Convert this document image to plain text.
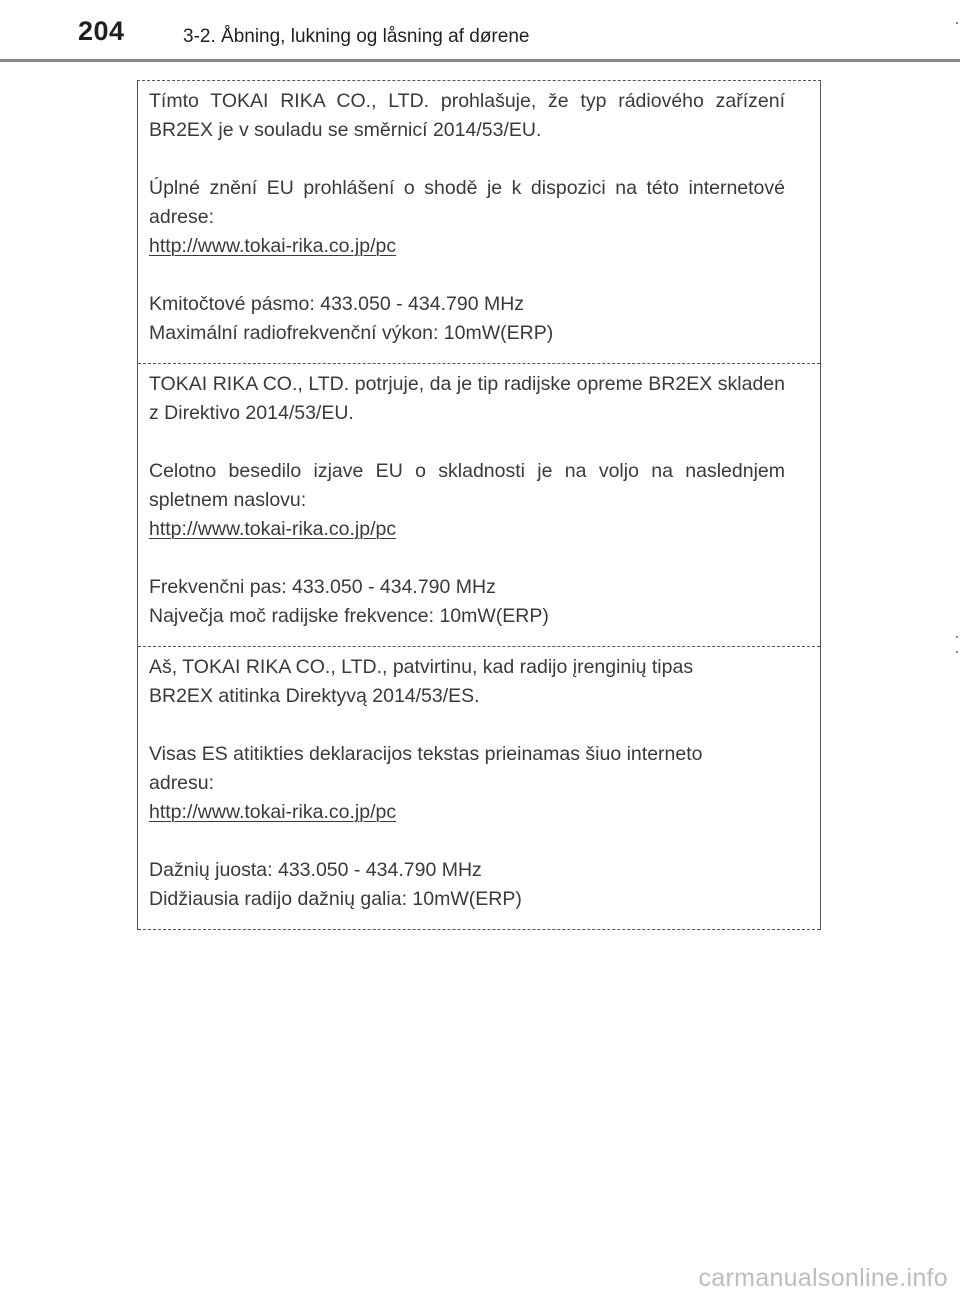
204	3-2. Åbning, lukning og låsning af dørene

Tímto TOKAI RIKA CO., LTD. prohlašuje, že typ rádiového zařízení BR2EX je v souladu se směrnicí 2014/53/EU.

Úplné znění EU prohlášení o shodě je k dispozici na této internetové adrese:
http://www.tokai-rika.co.jp/pc

Kmitočtové pásmo: 433.050 - 434.790 MHz
Maximální radiofrekvenční výkon: 10mW(ERP)

TOKAI RIKA CO., LTD. potrjuje, da je tip radijske opreme BR2EX skladen z Direktivo 2014/53/EU.

Celotno besedilo izjave EU o skladnosti je na voljo na naslednjem spletnem naslovu:
http://www.tokai-rika.co.jp/pc

Frekvenčni pas: 433.050 - 434.790 MHz
Največja moč radijske frekvence: 10mW(ERP)

Aš, TOKAI RIKA CO., LTD., patvirtinu, kad radijo įrenginių tipas
BR2EX atitinka Direktyvą 2014/53/ES.

Visas ES atitikties deklaracijos tekstas prieinamas šiuo interneto
adresu:
http://www.tokai-rika.co.jp/pc

Dažnių juosta: 433.050 - 434.790 MHz
Didžiausia radijo dažnių galia: 10mW(ERP)

carmanualsonline.info
